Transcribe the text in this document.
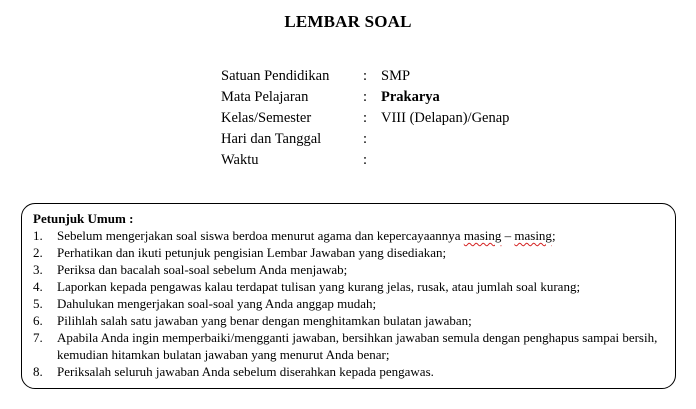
LEMBAR SOAL
Satuan Pendidikan	: SMP
Mata Pelajaran	: Prakarya
Kelas/Semester	: VIII (Delapan)/Genap
Hari dan Tanggal	:
Waktu	:
Petunjuk Umum :
1.	Sebelum mengerjakan soal siswa berdoa menurut agama dan kepercayaannya masing – masing;
2.	Perhatikan dan ikuti petunjuk pengisian Lembar Jawaban yang disediakan;
3.	Periksa dan bacalah soal-soal sebelum Anda menjawab;
4.	Laporkan kepada pengawas kalau terdapat tulisan yang kurang jelas, rusak, atau jumlah soal kurang;
5.	Dahulukan mengerjakan soal-soal yang Anda anggap mudah;
6.	Pilihlah salah satu jawaban yang benar dengan menghitamkan bulatan jawaban;
7.	Apabila Anda ingin memperbaiki/mengganti jawaban, bersihkan jawaban semula dengan penghapus sampai bersih, kemudian hitamkan bulatan jawaban yang menurut Anda benar;
8.	Periksalah seluruh jawaban Anda sebelum diserahkan kepada pengawas.
